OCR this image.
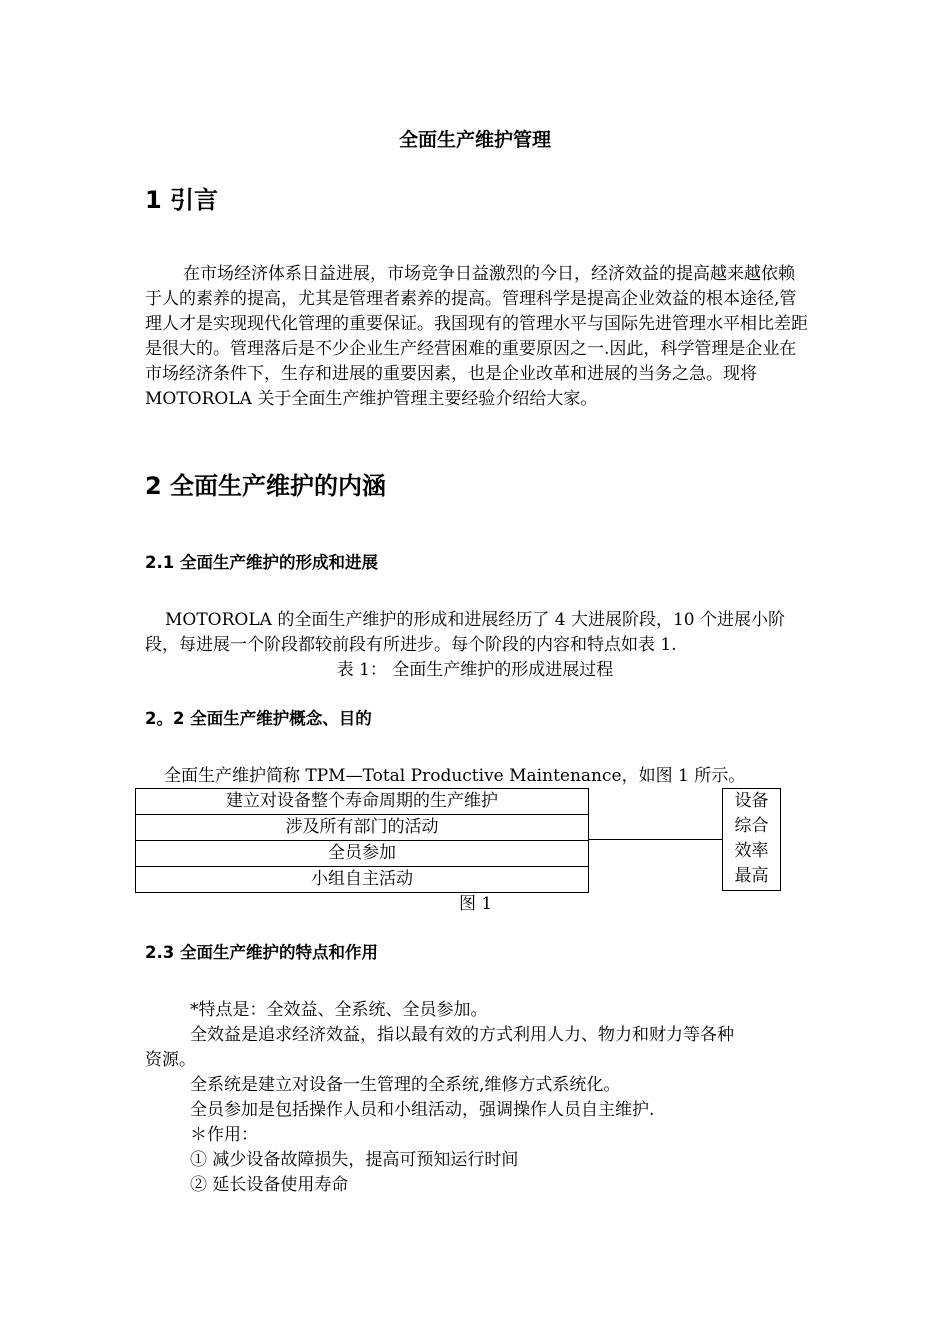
全面生产维护管理
1 引言
在市场经济体系日益进展，市场竞争日益激烈的今日，经济效益的提高越来越依赖于人的素养的提高，尤其是管理者素养的提高。管理科学是提高企业效益的根本途径,管理人才是实现现代化管理的重要保证。我国现有的管理水平与国际先进管理水平相比差距是很大的。管理落后是不少企业生产经营困难的重要原因之一.因此，科学管理是企业在市场经济条件下，生存和进展的重要因素，也是企业改革和进展的当务之急。现将 MOTOROLA 关于全面生产维护管理主要经验介绍给大家。
2 全面生产维护的内涵
2.1 全面生产维护的形成和进展
MOTOROLA 的全面生产维护的形成和进展经历了 4 大进展阶段，10 个进展小阶段，每进展一个阶段都较前段有所进步。每个阶段的内容和特点如表 1.
表 1： 全面生产维护的形成进展过程
2。2 全面生产维护概念、目的
全面生产维护简称 TPM—Total Productive Maintenance，如图 1 所示。
建立对设备整个寿命周期的生产维护
涉及所有部门的活动
全员参加
小组自主活动
设备
综合
效率
最高
图 1
2.3 全面生产维护的特点和作用
*特点是：全效益、全系统、全员参加。
全效益是追求经济效益，指以最有效的方式利用人力、物力和财力等各种
资源。
全系统是建立对设备一生管理的全系统,维修方式系统化。
全员参加是包括操作人员和小组活动，强调操作人员自主维护.
＊作用：
① 减少设备故障损失，提高可预知运行时间
② 延长设备使用寿命
